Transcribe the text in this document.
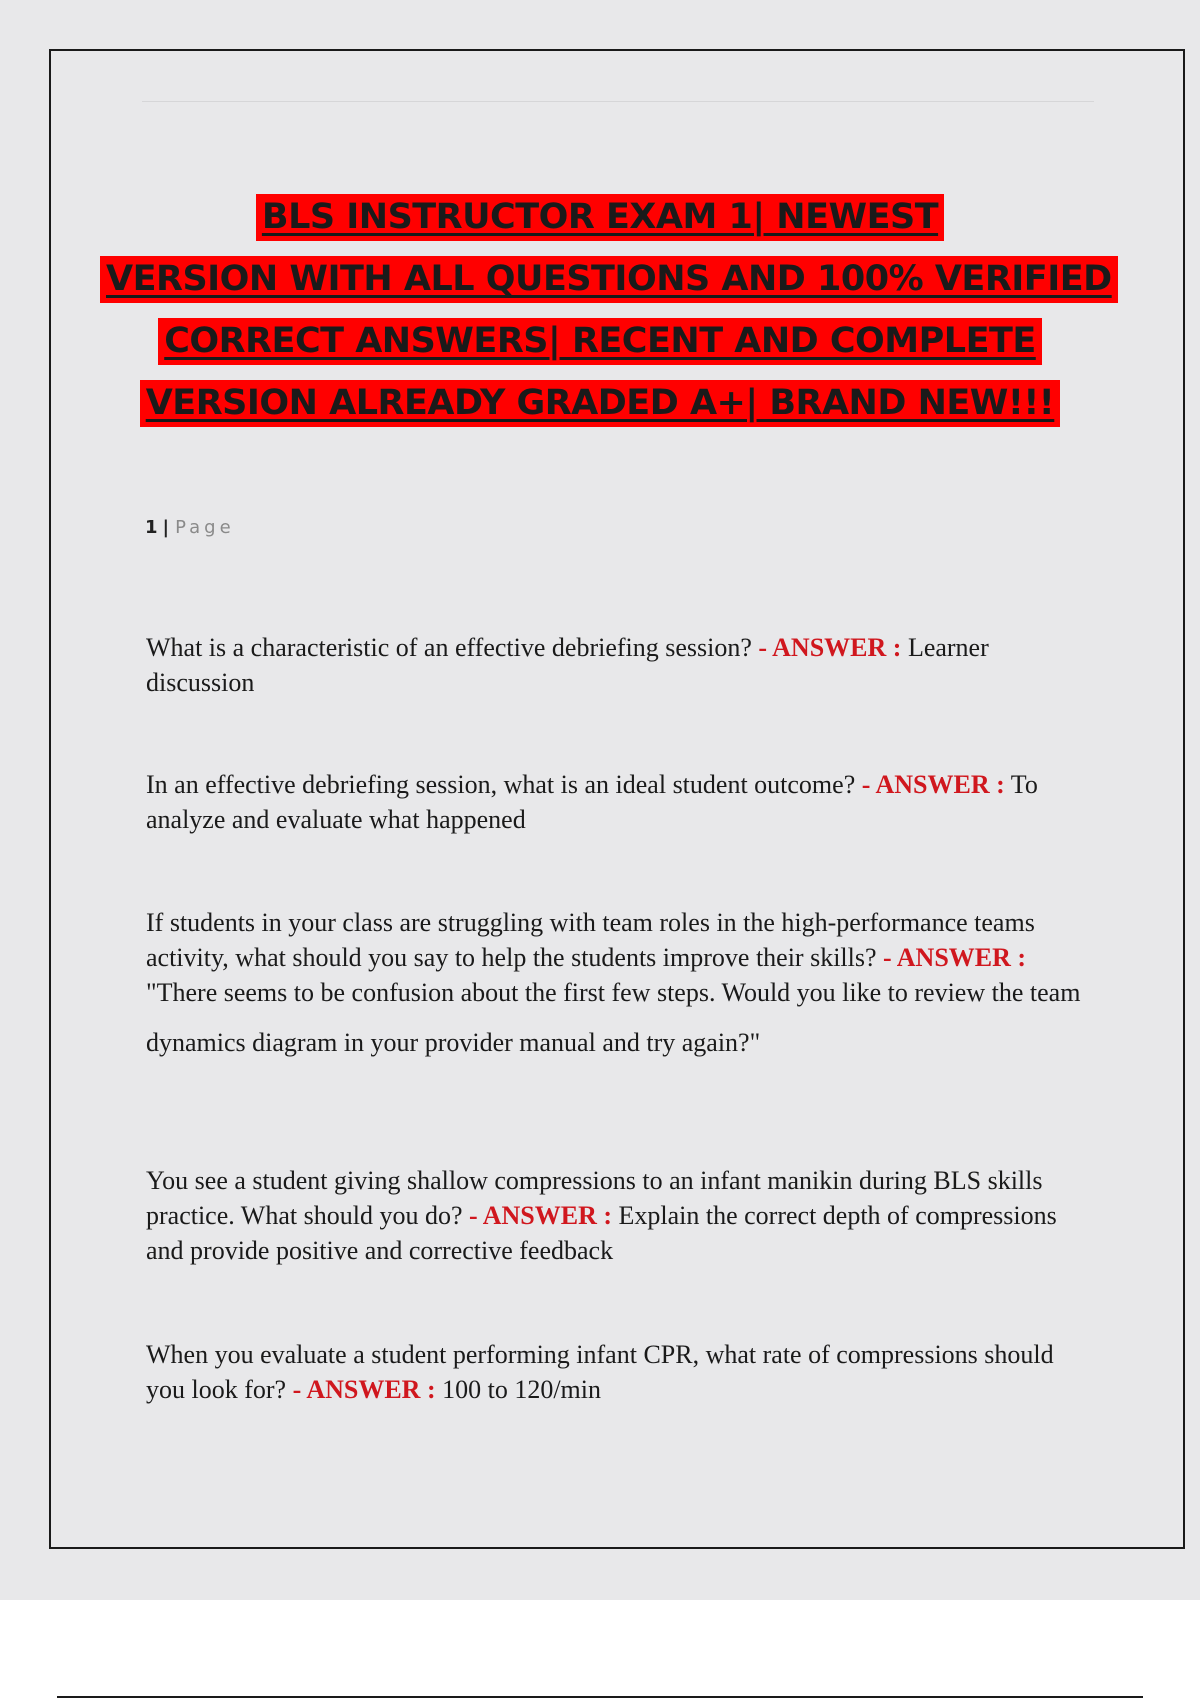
BLS INSTRUCTOR EXAM 1| NEWEST
VERSION WITH ALL QUESTIONS AND 100% VERIFIED
CORRECT ANSWERS| RECENT AND COMPLETE
VERSION ALREADY GRADED A+| BRAND NEW!!!
1 | Page
What is a characteristic of an effective debriefing session? - ANSWER : Learner discussion
In an effective debriefing session, what is an ideal student outcome? - ANSWER : To analyze and evaluate what happened
If students in your class are struggling with team roles in the high-performance teams activity, what should you say to help the students improve their skills? - ANSWER : "There seems to be confusion about the first few steps. Would you like to review the team
dynamics diagram in your provider manual and try again?"
You see a student giving shallow compressions to an infant manikin during BLS skills practice. What should you do? - ANSWER : Explain the correct depth of compressions and provide positive and corrective feedback
When you evaluate a student performing infant CPR, what rate of compressions should you look for? - ANSWER : 100 to 120/min
